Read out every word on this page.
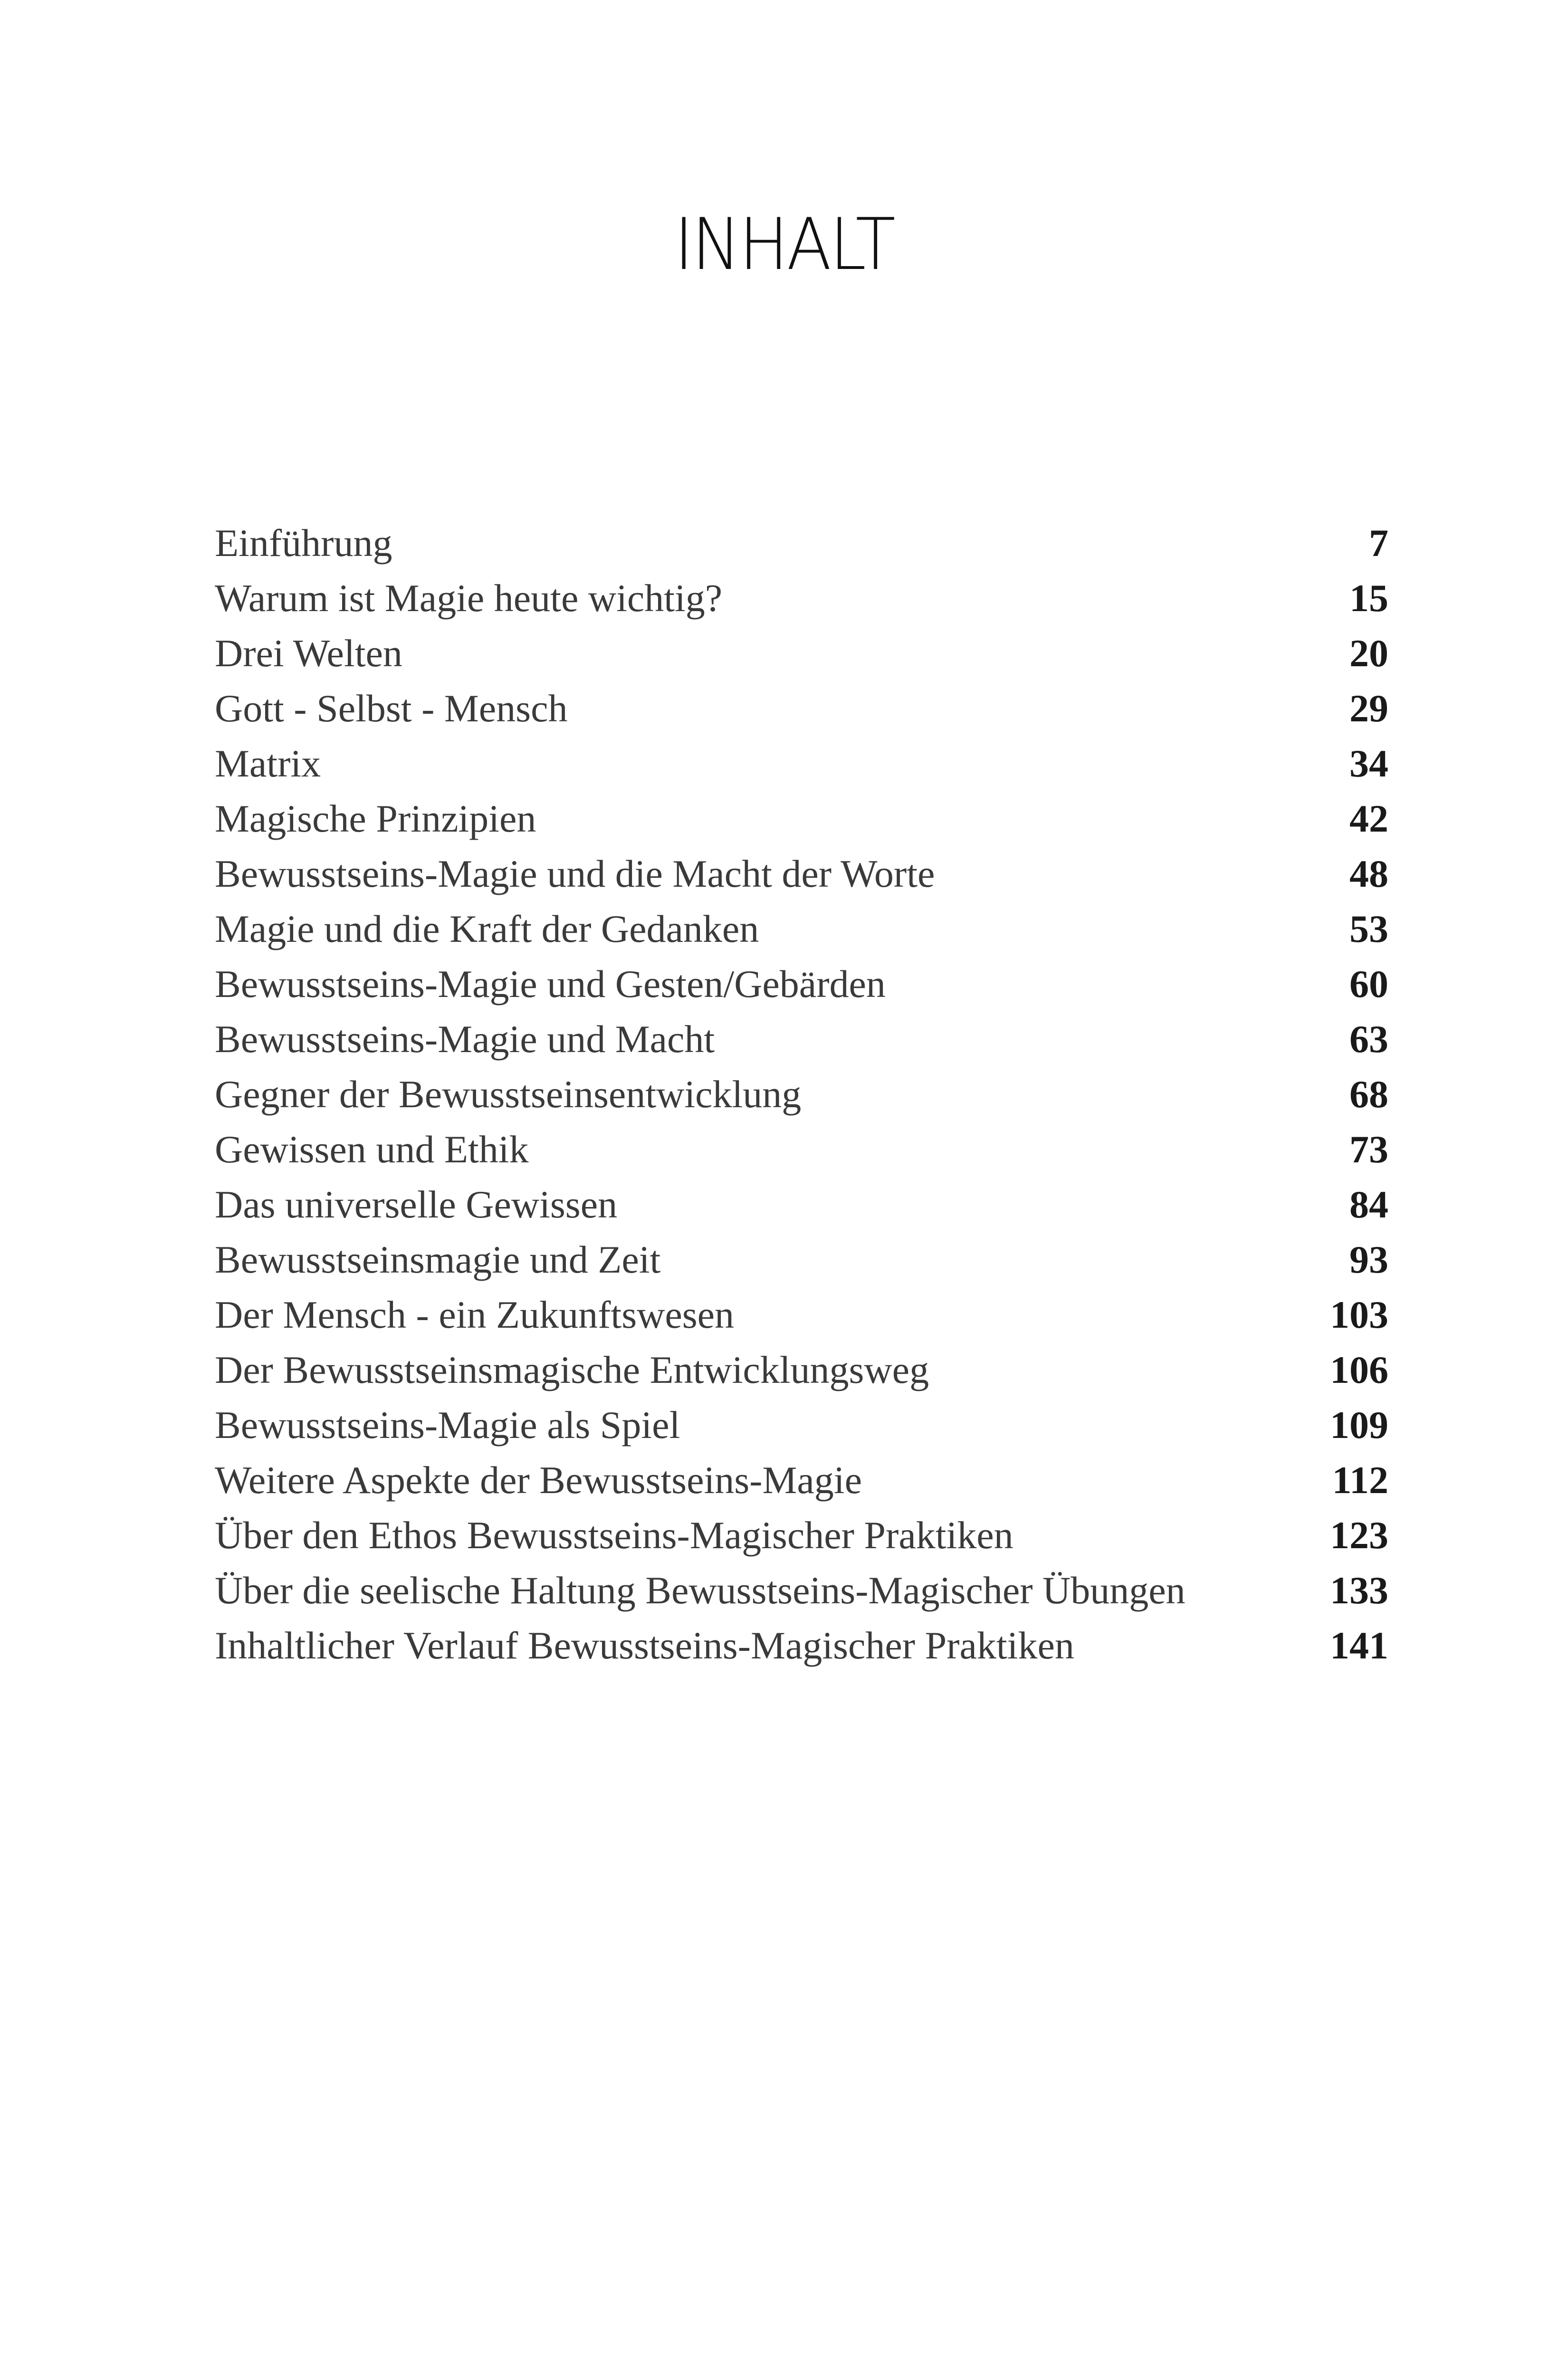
INHALT
Einführung	7
Warum ist Magie heute wichtig?	15
Drei Welten	20
Gott - Selbst - Mensch	29
Matrix	34
Magische Prinzipien	42
Bewusstseins-Magie und die Macht der Worte	48
Magie und die Kraft der Gedanken	53
Bewusstseins-Magie und Gesten/Gebärden	60
Bewusstseins-Magie und Macht	63
Gegner der Bewusstseinsentwicklung	68
Gewissen und Ethik	73
Das universelle Gewissen	84
Bewusstseinsmagie und Zeit	93
Der Mensch - ein Zukunftswesen	103
Der Bewusstseinsmagische Entwicklungsweg	106
Bewusstseins-Magie als Spiel	109
Weitere Aspekte der Bewusstseins-Magie	112
Über den Ethos Bewusstseins-Magischer Praktiken	123
Über die seelische Haltung Bewusstseins-Magischer Übungen	133
Inhaltlicher Verlauf Bewusstseins-Magischer Praktiken	141
